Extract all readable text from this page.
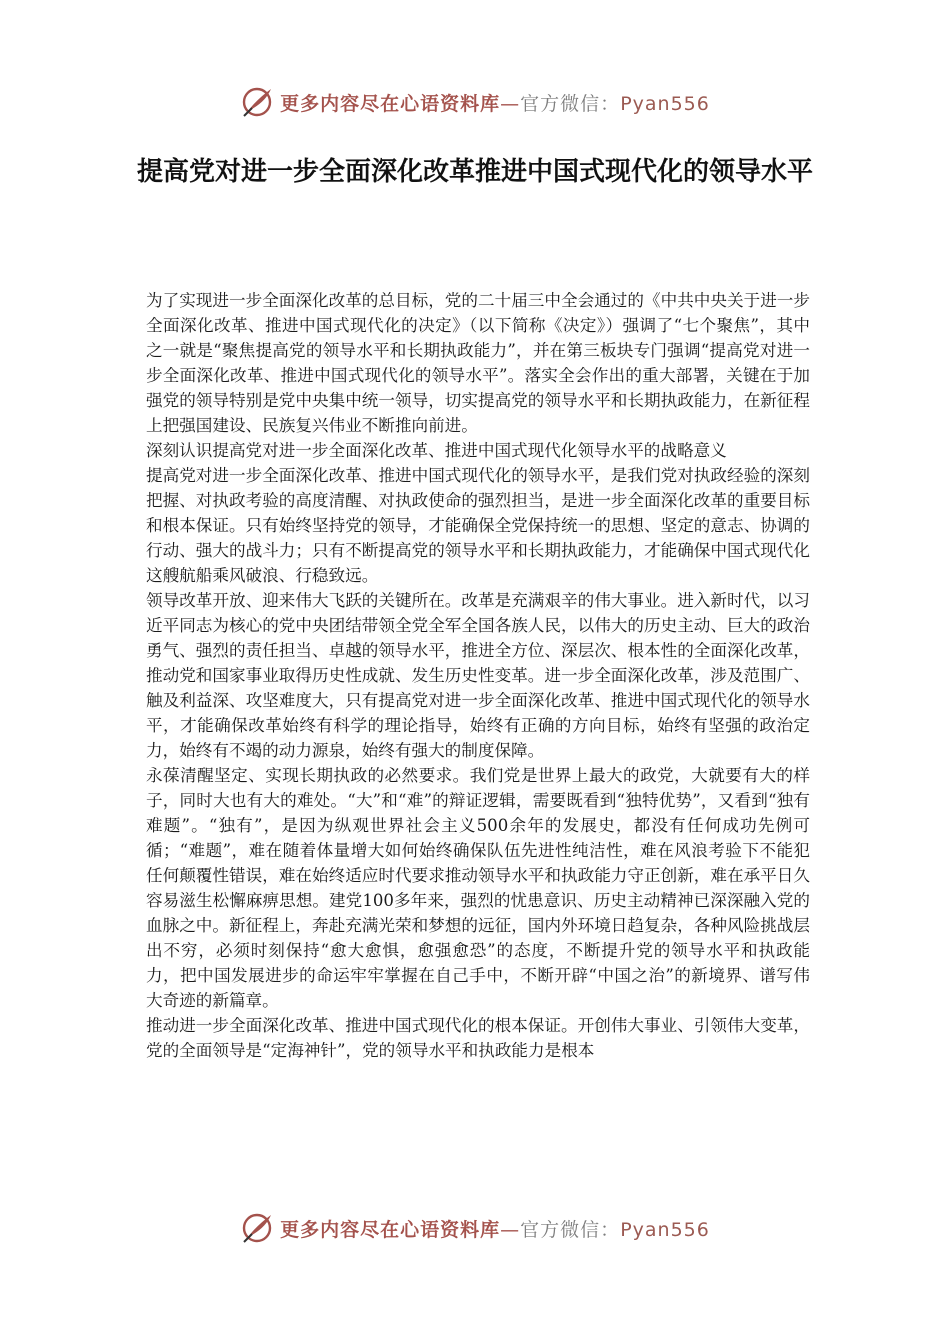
更多内容尽在心语资料库—官方微信：Pyan556
提高党对进一步全面深化改革推进中国式现代化的领导水平

为了实现进一步全面深化改革的总目标，党的二十届三中全会通过的《中共中央关于进一步全面深化改革、推进中国式现代化的决定》（以下简称《决定》）强调了“七个聚焦”，其中之一就是“聚焦提高党的领导水平和长期执政能力”，并在第三板块专门强调“提高党对进一步全面深化改革、推进中国式现代化的领导水平”。落实全会作出的重大部署，关键在于加强党的领导特别是党中央集中统一领导，切实提高党的领导水平和长期执政能力，在新征程上把强国建设、民族复兴伟业不断推向前进。

深刻认识提高党对进一步全面深化改革、推进中国式现代化领导水平的战略意义

提高党对进一步全面深化改革、推进中国式现代化的领导水平，是我们党对执政经验的深刻把握、对执政考验的高度清醒、对执政使命的强烈担当，是进一步全面深化改革的重要目标和根本保证。只有始终坚持党的领导，才能确保全党保持统一的思想、坚定的意志、协调的行动、强大的战斗力；只有不断提高党的领导水平和长期执政能力，才能确保中国式现代化这艘航船乘风破浪、行稳致远。

领导改革开放、迎来伟大飞跃的关键所在。改革是充满艰辛的伟大事业。进入新时代，以习近平同志为核心的党中央团结带领全党全军全国各族人民，以伟大的历史主动、巨大的政治勇气、强烈的责任担当、卓越的领导水平，推进全方位、深层次、根本性的全面深化改革，推动党和国家事业取得历史性成就、发生历史性变革。进一步全面深化改革，涉及范围广、触及利益深、攻坚难度大，只有提高党对进一步全面深化改革、推进中国式现代化的领导水平，才能确保改革始终有科学的理论指导，始终有正确的方向目标，始终有坚强的政治定力，始终有不竭的动力源泉，始终有强大的制度保障。

永葆清醒坚定、实现长期执政的必然要求。我们党是世界上最大的政党，大就要有大的样子，同时大也有大的难处。“大”和“难”的辩证逻辑，需要既看到“独特优势”，又看到“独有难题”。“独有”，是因为纵观世界社会主义500余年的发展史，都没有任何成功先例可循；“难题”，难在随着体量增大如何始终确保队伍先进性纯洁性，难在风浪考验下不能犯任何颠覆性错误，难在始终适应时代要求推动领导水平和执政能力守正创新，难在承平日久容易滋生松懈麻痹思想。建党100多年来，强烈的忧患意识、历史主动精神已深深融入党的血脉之中。新征程上，奔赴充满光荣和梦想的远征，国内外环境日趋复杂，各种风险挑战层出不穷，必须时刻保持“愈大愈惧，愈强愈恐”的态度，不断提升党的领导水平和执政能力，把中国发展进步的命运牢牢掌握在自己手中，不断开辟“中国之治”的新境界、谱写伟大奇迹的新篇章。

推动进一步全面深化改革、推进中国式现代化的根本保证。开创伟大事业、引领伟大变革，党的全面领导是“定海神针”，党的领导水平和执政能力是根本

更多内容尽在心语资料库—官方微信：Pyan556
